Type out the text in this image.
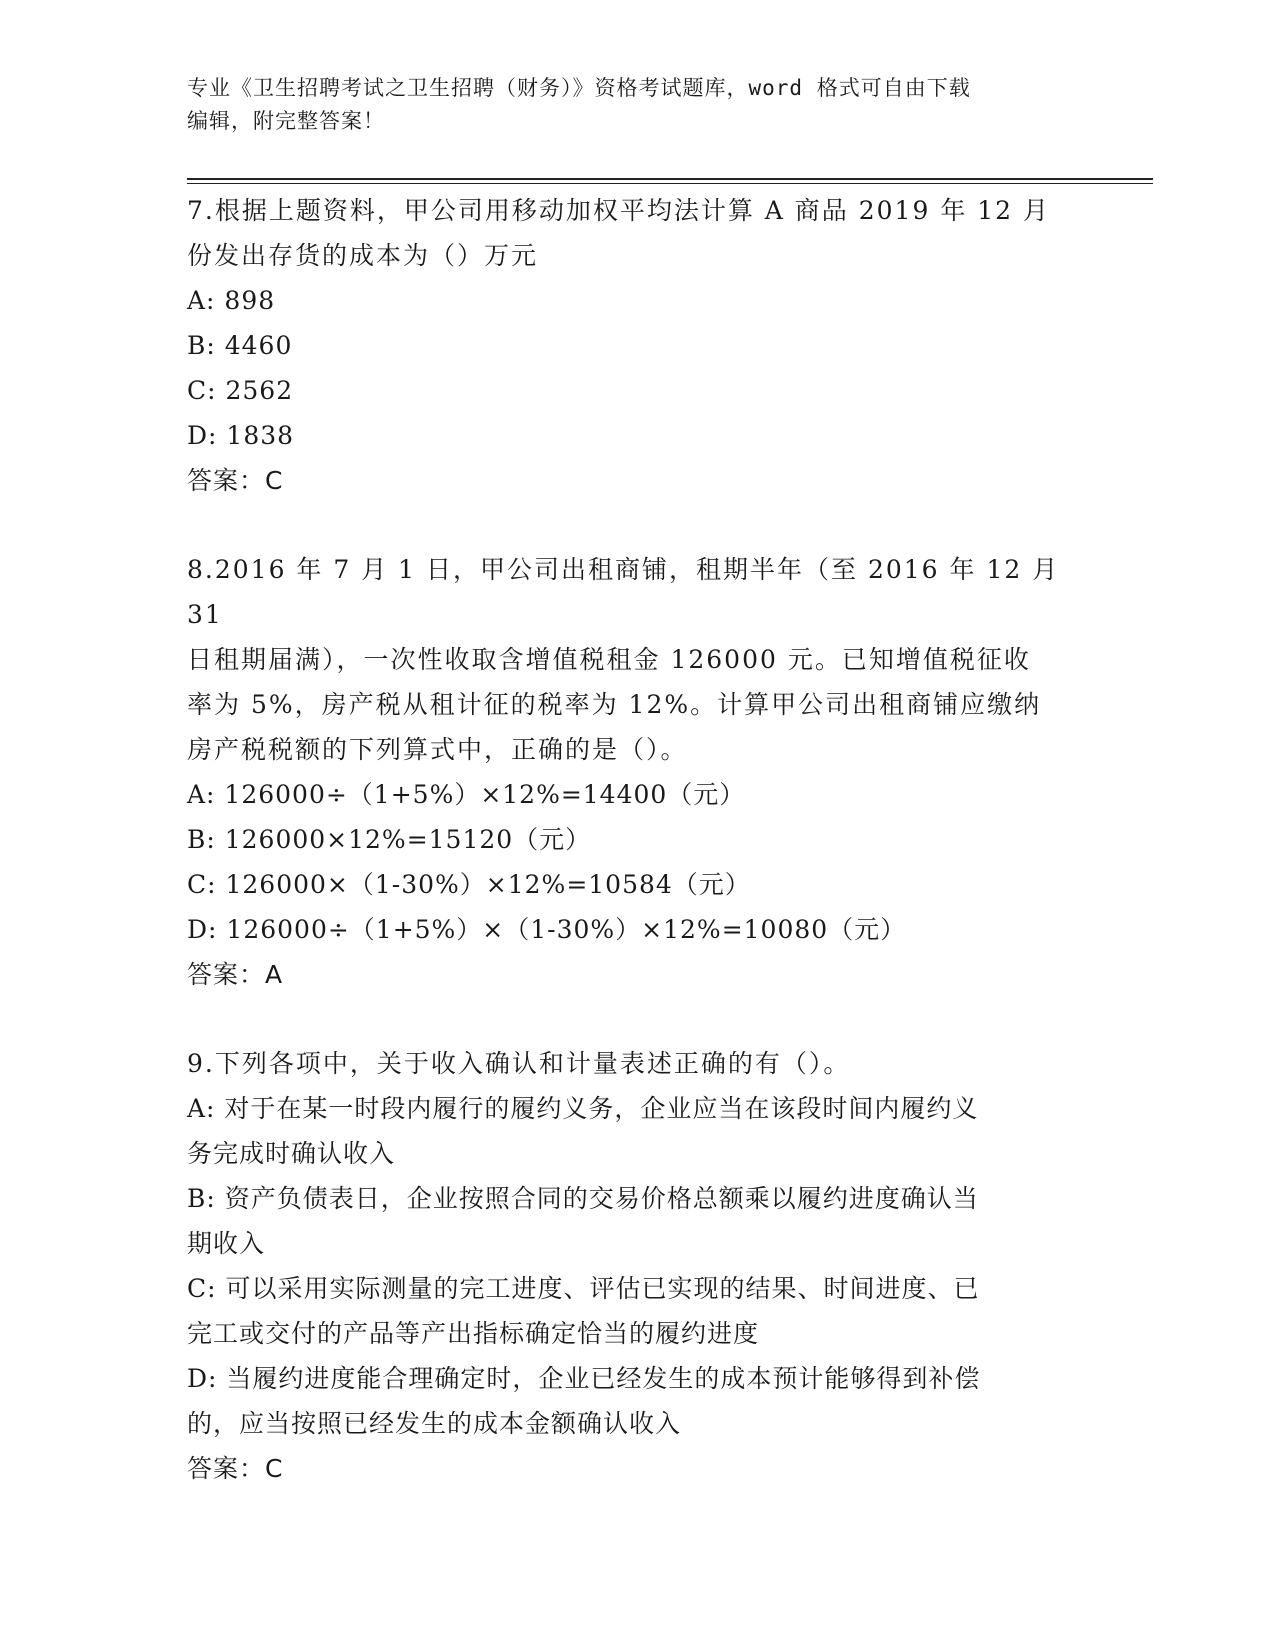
专业《卫生招聘考试之卫生招聘（财务）》资格考试题库，word 格式可自由下载
编辑，附完整答案！
7.根据上题资料，甲公司用移动加权平均法计算 A 商品 2019 年 12 月
份发出存货的成本为（）万元
A: 898
B: 4460
C: 2562
D: 1838
答案：C
8.2016 年 7 月 1 日，甲公司出租商铺，租期半年（至 2016 年 12 月 31
日租期届满），一次性收取含增值税租金 126000 元。已知增值税征收
率为 5%，房产税从租计征的税率为 12%。计算甲公司出租商铺应缴纳
房产税税额的下列算式中，正确的是（）。
A: 126000÷（1+5%）×12%=14400（元）
B: 126000×12%=15120（元）
C: 126000×（1-30%）×12%=10584（元）
D: 126000÷（1+5%）×（1-30%）×12%=10080（元）
答案：A
9.下列各项中，关于收入确认和计量表述正确的有（）。
A: 对于在某一时段内履行的履约义务，企业应当在该段时间内履约义
务完成时确认收入
B: 资产负债表日，企业按照合同的交易价格总额乘以履约进度确认当
期收入
C: 可以采用实际测量的完工进度、评估已实现的结果、时间进度、已
完工或交付的产品等产出指标确定恰当的履约进度
D: 当履约进度能合理确定时，企业已经发生的成本预计能够得到补偿
的，应当按照已经发生的成本金额确认收入
答案：C
